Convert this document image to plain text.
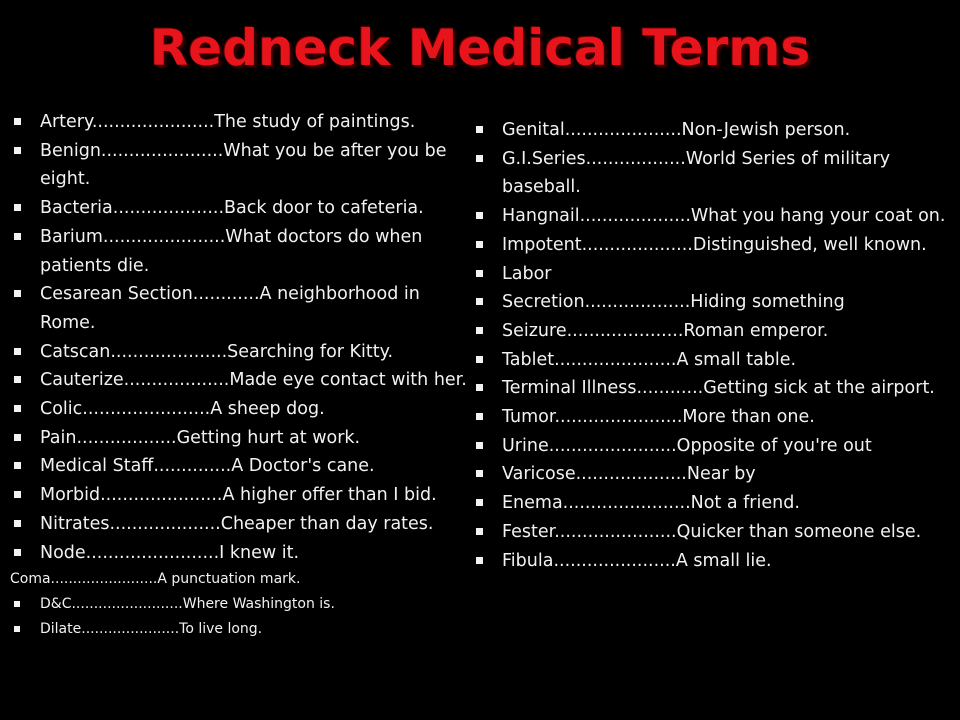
Redneck Medical Terms
Artery......................The study of paintings.
Benign......................What you be after you be eight.
Bacteria....................Back door to cafeteria.
Barium......................What doctors do when patients die.
Cesarean Section............A neighborhood in Rome.
Catscan.....................Searching for Kitty.
Cauterize...................Made eye contact with her.
Colic.......................A sheep dog.
Pain..................Getting hurt at work.
Medical Staff..............A Doctor's cane.
Morbid......................A higher offer than I bid.
Nitrates....................Cheaper than day rates.
Node........................I knew it.
Coma........................A punctuation mark.
D&C.........................Where Washington is.
Dilate......................To live long.
Genital.....................Non-Jewish person.
G.I.Series..................World Series of military baseball.
Hangnail....................What you hang your coat on.
Impotent....................Distinguished, well known.
Labor
Secretion...................Hiding something
Seizure.....................Roman emperor.
Tablet......................A small table.
Terminal Illness............Getting sick at the airport.
Tumor.......................More than one.
Urine.......................Opposite of you're out
Varicose....................Near by
Enema.......................Not a friend.
Fester......................Quicker than someone else.
Fibula......................A small lie.
